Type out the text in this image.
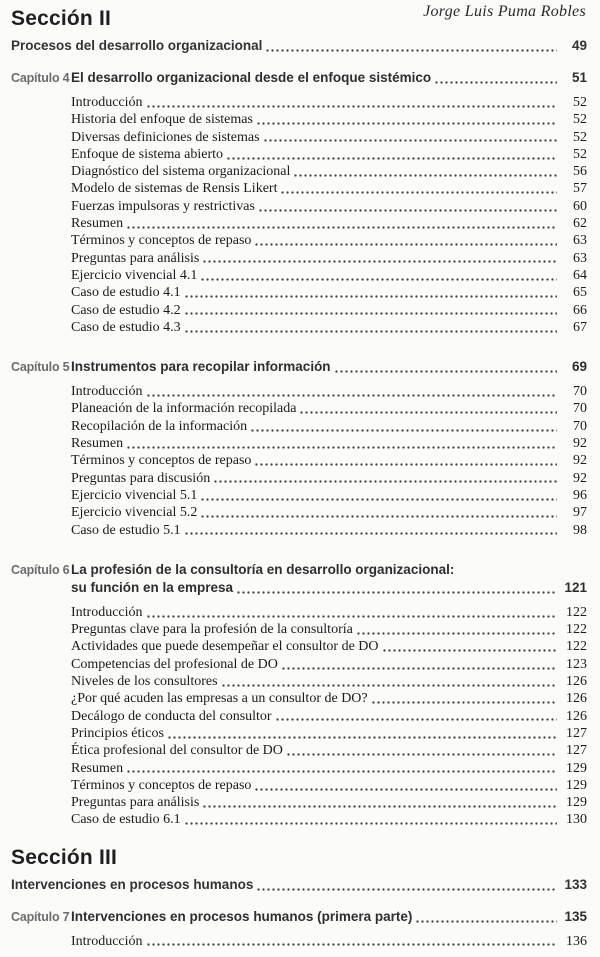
Jorge Luis Puma Robles
Sección II
Procesos del desarrollo organizacional	49
Capítulo 4 El desarrollo organizacional desde el enfoque sistémico	51
Introducción	52
Historia del enfoque de sistemas	52
Diversas definiciones de sistemas	52
Enfoque de sistema abierto	52
Diagnóstico del sistema organizacional	56
Modelo de sistemas de Rensis Likert	57
Fuerzas impulsoras y restrictivas	60
Resumen	62
Términos y conceptos de repaso	63
Preguntas para análisis	63
Ejercicio vivencial 4.1	64
Caso de estudio 4.1	65
Caso de estudio 4.2	66
Caso de estudio 4.3	67
Capítulo 5 Instrumentos para recopilar información	69
Introducción	70
Planeación de la información recopilada	70
Recopilación de la información	70
Resumen	92
Términos y conceptos de repaso	92
Preguntas para discusión	92
Ejercicio vivencial 5.1	96
Ejercicio vivencial 5.2	97
Caso de estudio 5.1	98
Capítulo 6 La profesión de la consultoría en desarrollo organizacional:
su función en la empresa	121
Introducción	122
Preguntas clave para la profesión de la consultoría	122
Actividades que puede desempeñar el consultor de DO	122
Competencias del profesional de DO	123
Niveles de los consultores	126
¿Por qué acuden las empresas a un consultor de DO?	126
Decálogo de conducta del consultor	126
Principios éticos	127
Ética profesional del consultor de DO	127
Resumen	129
Términos y conceptos de repaso	129
Preguntas para análisis	129
Caso de estudio 6.1	130
Sección III
Intervenciones en procesos humanos	133
Capítulo 7 Intervenciones en procesos humanos (primera parte)	135
Introducción	136
